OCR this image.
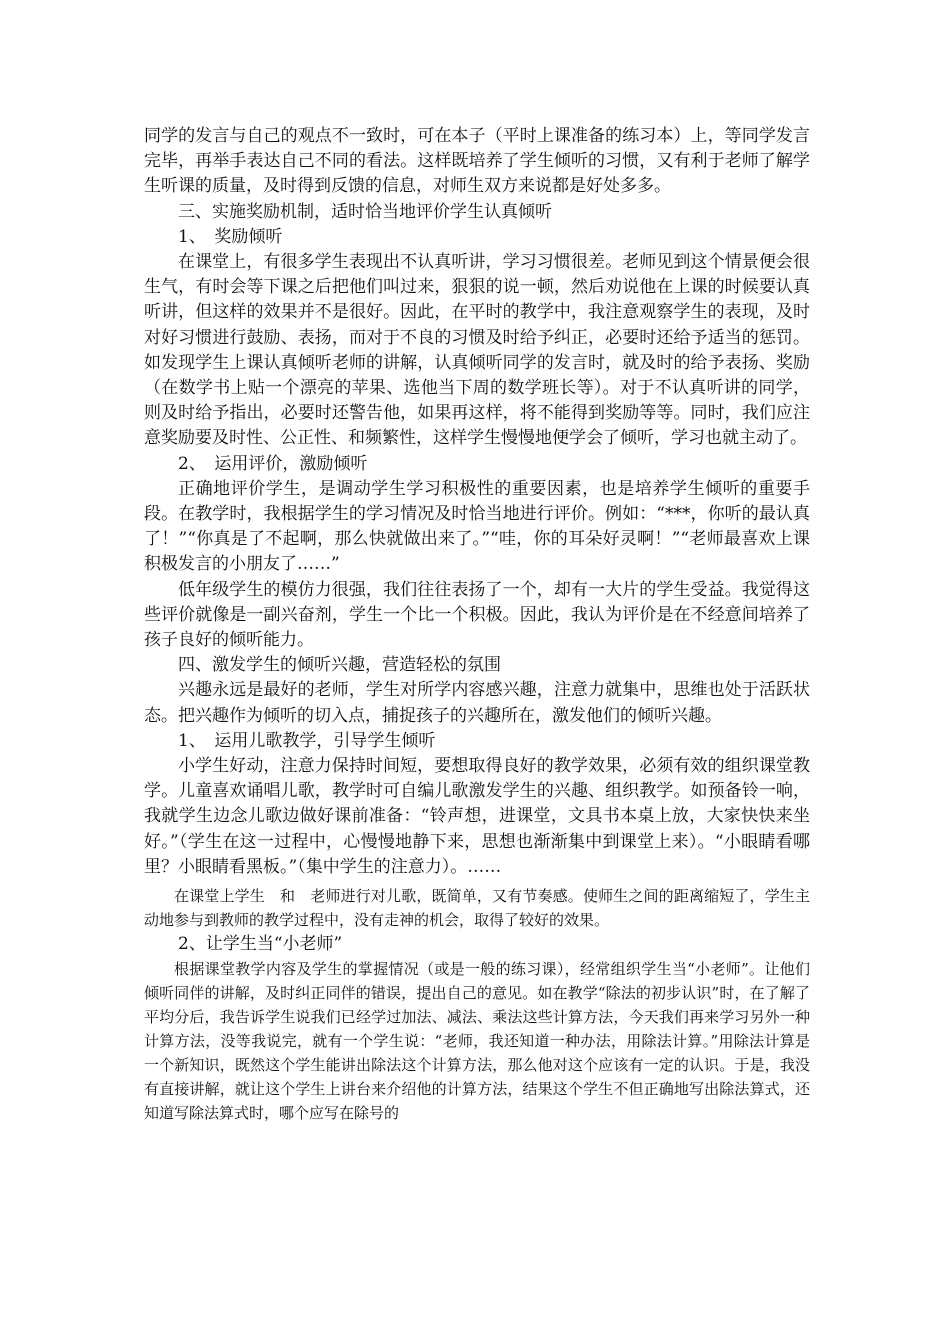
同学的发言与自己的观点不一致时，可在本子（平时上课准备的练习本）上，等同学发言完毕，再举手表达自己不同的看法。这样既培养了学生倾听的习惯，又有利于老师了解学生听课的质量，及时得到反馈的信息，对师生双方来说都是好处多多。

三、实施奖励机制，适时恰当地评价学生认真倾听

1、　奖励倾听

在课堂上，有很多学生表现出不认真听讲，学习习惯很差。老师见到这个情景便会很生气，有时会等下课之后把他们叫过来，狠狠的说一顿，然后劝说他在上课的时候要认真听讲，但这样的效果并不是很好。因此，在平时的教学中，我注意观察学生的表现，及时对好习惯进行鼓励、表扬，而对于不良的习惯及时给予纠正，必要时还给予适当的惩罚。如发现学生上课认真倾听老师的讲解，认真倾听同学的发言时，就及时的给予表扬、奖励（在数学书上贴一个漂亮的苹果、选他当下周的数学班长等）。对于不认真听讲的同学，则及时给予指出，必要时还警告他，如果再这样，将不能得到奖励等等。同时，我们应注意奖励要及时性、公正性、和频繁性，这样学生慢慢地便学会了倾听，学习也就主动了。

2、　运用评价，激励倾听

正确地评价学生，是调动学生学习积极性的重要因素，也是培养学生倾听的重要手段。在教学时，我根据学生的学习情况及时恰当地进行评价。例如：“***，你听的最认真了！”“你真是了不起啊，那么快就做出来了。”“哇，你的耳朵好灵啊！”“老师最喜欢上课积极发言的小朋友了……”

低年级学生的模仿力很强，我们往往表扬了一个，却有一大片的学生受益。我觉得这些评价就像是一副兴奋剂，学生一个比一个积极。因此，我认为评价是在不经意间培养了孩子良好的倾听能力。

四、激发学生的倾听兴趣，营造轻松的氛围

兴趣永远是最好的老师，学生对所学内容感兴趣，注意力就集中，思维也处于活跃状态。把兴趣作为倾听的切入点，捕捉孩子的兴趣所在，激发他们的倾听兴趣。

1、　运用儿歌教学，引导学生倾听

小学生好动，注意力保持时间短，要想取得良好的教学效果，必须有效的组织课堂教学。儿童喜欢诵唱儿歌，教学时可自编儿歌激发学生的兴趣、组织教学。如预备铃一响，我就学生边念儿歌边做好课前准备：“铃声想，进课堂，文具书本桌上放，大家快快来坐好。”（学生在这一过程中，心慢慢地静下来，思想也渐渐集中到课堂上来）。“小眼睛看哪里？小眼睛看黑板。”（集中学生的注意力）。……

在课堂上学生　和　老师进行对儿歌，既简单，又有节奏感。使师生之间的距离缩短了，学生主动地参与到教师的教学过程中，没有走神的机会，取得了较好的效果。

2、让学生当“小老师”

根据课堂教学内容及学生的掌握情况（或是一般的练习课），经常组织学生当“小老师”。让他们倾听同伴的讲解，及时纠正同伴的错误，提出自己的意见。如在教学“除法的初步认识”时，在了解了平均分后，我告诉学生说我们已经学过加法、减法、乘法这些计算方法，今天我们再来学习另外一种计算方法，没等我说完，就有一个学生说：“老师，我还知道一种办法，用除法计算。”用除法计算是一个新知识，既然这个学生能讲出除法这个计算方法，那么他对这个应该有一定的认识。于是，我没有直接讲解，就让这个学生上讲台来介绍他的计算方法，结果这个学生不但正确地写出除法算式，还知道写除法算式时，哪个应写在除号的
